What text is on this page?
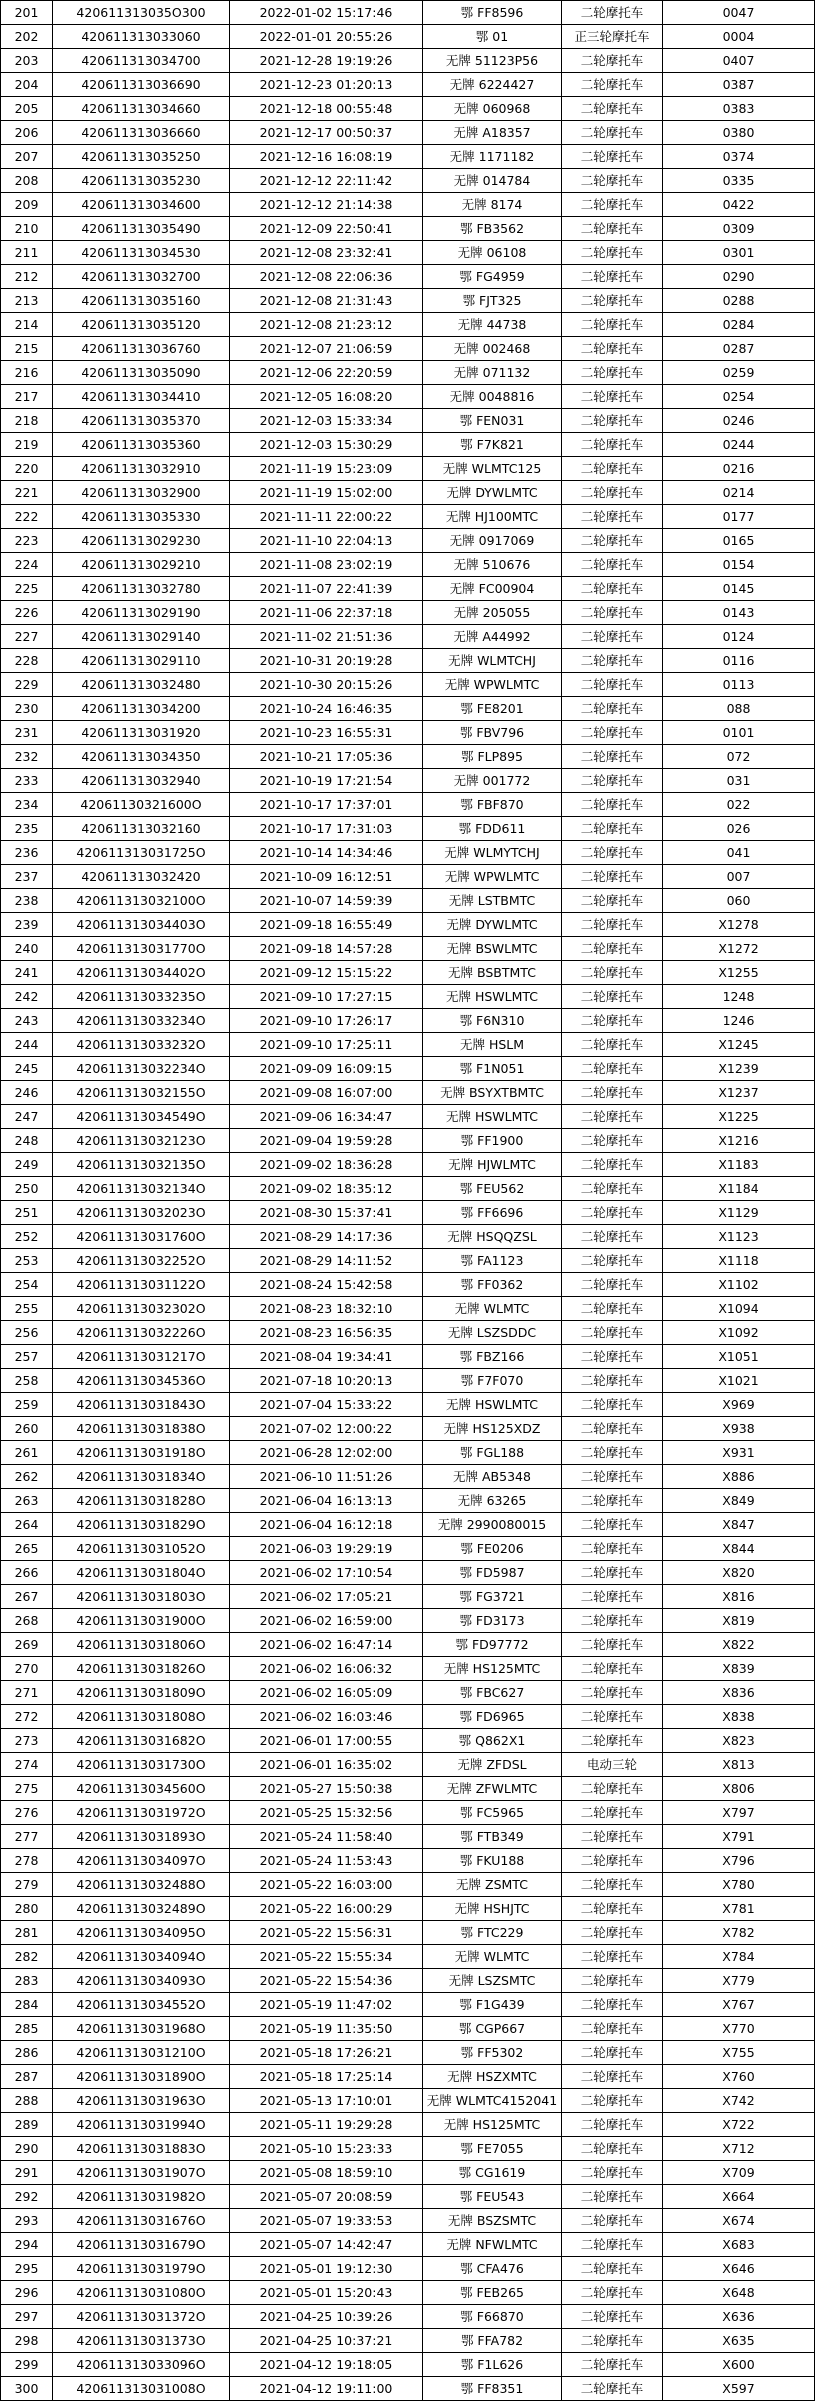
201	420611313035O300	2022-01-02 15:17:46	鄂 FF8596	二轮摩托车	0047
202	420611313033060	2022-01-01 20:55:26	鄂 01	正三轮摩托车	0004
203	420611313034700	2021-12-28 19:19:26	无牌 51123P56	二轮摩托车	0407
204	420611313036690	2021-12-23 01:20:13	无牌 6224427	二轮摩托车	0387
205	420611313034660	2021-12-18 00:55:48	无牌 060968	二轮摩托车	0383
206	420611313036660	2021-12-17 00:50:37	无牌 A18357	二轮摩托车	0380
207	420611313035250	2021-12-16 16:08:19	无牌 1171182	二轮摩托车	0374
208	420611313035230	2021-12-12 22:11:42	无牌 014784	二轮摩托车	0335
209	420611313034600	2021-12-12 21:14:38	无牌 8174	二轮摩托车	0422
210	420611313035490	2021-12-09 22:50:41	鄂 FB3562	二轮摩托车	0309
211	420611313034530	2021-12-08 23:32:41	无牌 06108	二轮摩托车	0301
212	420611313032700	2021-12-08 22:06:36	鄂 FG4959	二轮摩托车	0290
213	420611313035160	2021-12-08 21:31:43	鄂 FJT325	二轮摩托车	0288
214	420611313035120	2021-12-08 21:23:12	无牌 44738	二轮摩托车	0284
215	420611313036760	2021-12-07 21:06:59	无牌 002468	二轮摩托车	0287
216	420611313035090	2021-12-06 22:20:59	无牌 071132	二轮摩托车	0259
217	420611313034410	2021-12-05 16:08:20	无牌 0048816	二轮摩托车	0254
218	420611313035370	2021-12-03 15:33:34	鄂 FEN031	二轮摩托车	0246
219	420611313035360	2021-12-03 15:30:29	鄂 F7K821	二轮摩托车	0244
220	420611313032910	2021-11-19 15:23:09	无牌 WLMTC125	二轮摩托车	0216
221	420611313032900	2021-11-19 15:02:00	无牌 DYWLMTC	二轮摩托车	0214
222	420611313035330	2021-11-11 22:00:22	无牌 HJ100MTC	二轮摩托车	0177
223	420611313029230	2021-11-10 22:04:13	无牌 0917069	二轮摩托车	0165
224	420611313029210	2021-11-08 23:02:19	无牌 510676	二轮摩托车	0154
225	420611313032780	2021-11-07 22:41:39	无牌 FC00904	二轮摩托车	0145
226	420611313029190	2021-11-06 22:37:18	无牌 205055	二轮摩托车	0143
227	420611313029140	2021-11-02 21:51:36	无牌 A44992	二轮摩托车	0124
228	420611313029110	2021-10-31 20:19:28	无牌 WLMTCHJ	二轮摩托车	0116
229	420611313032480	2021-10-30 20:15:26	无牌 WPWLMTC	二轮摩托车	0113
230	420611313034200	2021-10-24 16:46:35	鄂 FE8201	二轮摩托车	088
231	420611313031920	2021-10-23 16:55:31	鄂 FBV796	二轮摩托车	0101
232	420611313034350	2021-10-21 17:05:36	鄂 FLP895	二轮摩托车	072
233	420611313032940	2021-10-19 17:21:54	无牌 001772	二轮摩托车	031
234	42061130321600O	2021-10-17 17:37:01	鄂 FBF870	二轮摩托车	022
235	420611313032160	2021-10-17 17:31:03	鄂 FDD611	二轮摩托车	026
236	420611313031725O	2021-10-14 14:34:46	无牌 WLMYTCHJ	二轮摩托车	041
237	420611313032420	2021-10-09 16:12:51	无牌 WPWLMTC	二轮摩托车	007
238	420611313032100O	2021-10-07 14:59:39	无牌 LSTBMTC	二轮摩托车	060
239	420611313034403O	2021-09-18 16:55:49	无牌 DYWLMTC	二轮摩托车	X1278
240	420611313031770O	2021-09-18 14:57:28	无牌 BSWLMTC	二轮摩托车	X1272
241	420611313034402O	2021-09-12 15:15:22	无牌 BSBTMTC	二轮摩托车	X1255
242	420611313033235O	2021-09-10 17:27:15	无牌 HSWLMTC	二轮摩托车	1248
243	420611313033234O	2021-09-10 17:26:17	鄂 F6N310	二轮摩托车	1246
244	420611313033232O	2021-09-10 17:25:11	无牌 HSLM	二轮摩托车	X1245
245	420611313032234O	2021-09-09 16:09:15	鄂 F1N051	二轮摩托车	X1239
246	420611313032155O	2021-09-08 16:07:00	无牌 BSYXTBMTC	二轮摩托车	X1237
247	420611313034549O	2021-09-06 16:34:47	无牌 HSWLMTC	二轮摩托车	X1225
248	420611313032123O	2021-09-04 19:59:28	鄂 FF1900	二轮摩托车	X1216
249	420611313032135O	2021-09-02 18:36:28	无牌 HJWLMTC	二轮摩托车	X1183
250	420611313032134O	2021-09-02 18:35:12	鄂 FEU562	二轮摩托车	X1184
251	420611313032023O	2021-08-30 15:37:41	鄂 FF6696	二轮摩托车	X1129
252	420611313031760O	2021-08-29 14:17:36	无牌 HSQQZSL	二轮摩托车	X1123
253	420611313032252O	2021-08-29 14:11:52	鄂 FA1123	二轮摩托车	X1118
254	420611313031122O	2021-08-24 15:42:58	鄂 FF0362	二轮摩托车	X1102
255	420611313032302O	2021-08-23 18:32:10	无牌 WLMTC	二轮摩托车	X1094
256	420611313032226O	2021-08-23 16:56:35	无牌 LSZSDDC	二轮摩托车	X1092
257	420611313031217O	2021-08-04 19:34:41	鄂 FBZ166	二轮摩托车	X1051
258	420611313034536O	2021-07-18 10:20:13	鄂 F7F070	二轮摩托车	X1021
259	420611313031843O	2021-07-04 15:33:22	无牌 HSWLMTC	二轮摩托车	X969
260	420611313031838O	2021-07-02 12:00:22	无牌 HS125XDZ	二轮摩托车	X938
261	420611313031918O	2021-06-28 12:02:00	鄂 FGL188	二轮摩托车	X931
262	420611313031834O	2021-06-10 11:51:26	无牌 AB5348	二轮摩托车	X886
263	420611313031828O	2021-06-04 16:13:13	无牌 63265	二轮摩托车	X849
264	420611313031829O	2021-06-04 16:12:18	无牌 2990080015	二轮摩托车	X847
265	420611313031052O	2021-06-03 19:29:19	鄂 FE0206	二轮摩托车	X844
266	420611313031804O	2021-06-02 17:10:54	鄂 FD5987	二轮摩托车	X820
267	420611313031803O	2021-06-02 17:05:21	鄂 FG3721	二轮摩托车	X816
268	420611313031900O	2021-06-02 16:59:00	鄂 FD3173	二轮摩托车	X819
269	420611313031806O	2021-06-02 16:47:14	鄂 FD97772	二轮摩托车	X822
270	420611313031826O	2021-06-02 16:06:32	无牌 HS125MTC	二轮摩托车	X839
271	420611313031809O	2021-06-02 16:05:09	鄂 FBC627	二轮摩托车	X836
272	420611313031808O	2021-06-02 16:03:46	鄂 FD6965	二轮摩托车	X838
273	420611313031682O	2021-06-01 17:00:55	鄂 Q862X1	二轮摩托车	X823
274	420611313031730O	2021-06-01 16:35:02	无牌 ZFDSL	电动三轮	X813
275	420611313034560O	2021-05-27 15:50:38	无牌 ZFWLMTC	二轮摩托车	X806
276	420611313031972O	2021-05-25 15:32:56	鄂 FC5965	二轮摩托车	X797
277	420611313031893O	2021-05-24 11:58:40	鄂 FTB349	二轮摩托车	X791
278	420611313034097O	2021-05-24 11:53:43	鄂 FKU188	二轮摩托车	X796
279	420611313032488O	2021-05-22 16:03:00	无牌 ZSMTC	二轮摩托车	X780
280	420611313032489O	2021-05-22 16:00:29	无牌 HSHJTC	二轮摩托车	X781
281	420611313034095O	2021-05-22 15:56:31	鄂 FTC229	二轮摩托车	X782
282	420611313034094O	2021-05-22 15:55:34	无牌 WLMTC	二轮摩托车	X784
283	420611313034093O	2021-05-22 15:54:36	无牌 LSZSMTC	二轮摩托车	X779
284	420611313034552O	2021-05-19 11:47:02	鄂 F1G439	二轮摩托车	X767
285	420611313031968O	2021-05-19 11:35:50	鄂 CGP667	二轮摩托车	X770
286	420611313031210O	2021-05-18 17:26:21	鄂 FF5302	二轮摩托车	X755
287	420611313031890O	2021-05-18 17:25:14	无牌 HSZXMTC	二轮摩托车	X760
288	420611313031963O	2021-05-13 17:10:01	无牌 WLMTC4152041	二轮摩托车	X742
289	420611313031994O	2021-05-11 19:29:28	无牌 HS125MTC	二轮摩托车	X722
290	420611313031883O	2021-05-10 15:23:33	鄂 FE7055	二轮摩托车	X712
291	420611313031907O	2021-05-08 18:59:10	鄂 CG1619	二轮摩托车	X709
292	420611313031982O	2021-05-07 20:08:59	鄂 FEU543	二轮摩托车	X664
293	420611313031676O	2021-05-07 19:33:53	无牌 BSZSMTC	二轮摩托车	X674
294	420611313031679O	2021-05-07 14:42:47	无牌 NFWLMTC	二轮摩托车	X683
295	420611313031979O	2021-05-01 19:12:30	鄂 CFA476	二轮摩托车	X646
296	420611313031080O	2021-05-01 15:20:43	鄂 FEB265	二轮摩托车	X648
297	420611313031372O	2021-04-25 10:39:26	鄂 F66870	二轮摩托车	X636
298	420611313031373O	2021-04-25 10:37:21	鄂 FFA782	二轮摩托车	X635
299	420611313033096O	2021-04-12 19:18:05	鄂 F1L626	二轮摩托车	X600
300	420611313031008O	2021-04-12 19:11:00	鄂 FF8351	二轮摩托车	X597
